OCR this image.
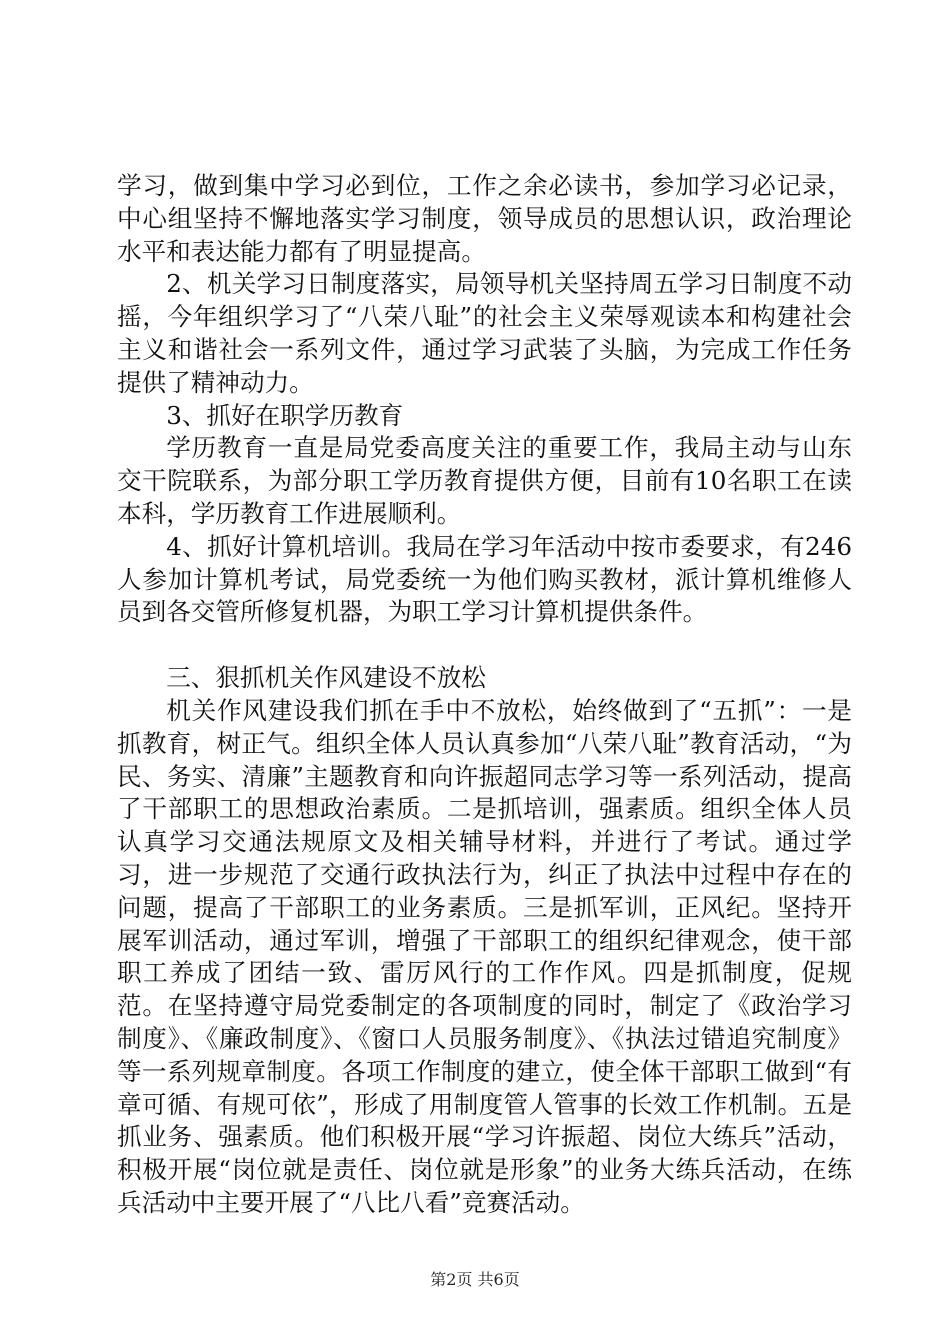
学习，做到集中学习必到位，工作之余必读书，参加学习必记录，中心组坚持不懈地落实学习制度，领导成员的思想认识，政治理论水平和表达能力都有了明显提高。

2、机关学习日制度落实，局领导机关坚持周五学习日制度不动摇，今年组织学习了“八荣八耻”的社会主义荣辱观读本和构建社会主义和谐社会一系列文件，通过学习武装了头脑，为完成工作任务提供了精神动力。

3、抓好在职学历教育

学历教育一直是局党委高度关注的重要工作，我局主动与山东交干院联系，为部分职工学历教育提供方便，目前有10名职工在读本科，学历教育工作进展顺利。

4、抓好计算机培训。我局在学习年活动中按市委要求，有246人参加计算机考试，局党委统一为他们购买教材，派计算机维修人员到各交管所修复机器，为职工学习计算机提供条件。

三、狠抓机关作风建设不放松

机关作风建设我们抓在手中不放松，始终做到了“五抓”：一是抓教育，树正气。组织全体人员认真参加“八荣八耻”教育活动，“为民、务实、清廉”主题教育和向许振超同志学习等一系列活动，提高了干部职工的思想政治素质。二是抓培训，强素质。组织全体人员认真学习交通法规原文及相关辅导材料，并进行了考试。通过学习，进一步规范了交通行政执法行为，纠正了执法中过程中存在的问题，提高了干部职工的业务素质。三是抓军训，正风纪。坚持开展军训活动，通过军训，增强了干部职工的组织纪律观念，使干部职工养成了团结一致、雷厉风行的工作作风。四是抓制度，促规范。在坚持遵守局党委制定的各项制度的同时，制定了《政治学习制度》、《廉政制度》、《窗口人员服务制度》、《执法过错追究制度》等一系列规章制度。各项工作制度的建立，使全体干部职工做到“有章可循、有规可依”，形成了用制度管人管事的长效工作机制。五是抓业务、强素质。他们积极开展“学习许振超、岗位大练兵”活动，积极开展“岗位就是责任、岗位就是形象”的业务大练兵活动，在练兵活动中主要开展了“八比八看”竞赛活动。

第2页 共6页
